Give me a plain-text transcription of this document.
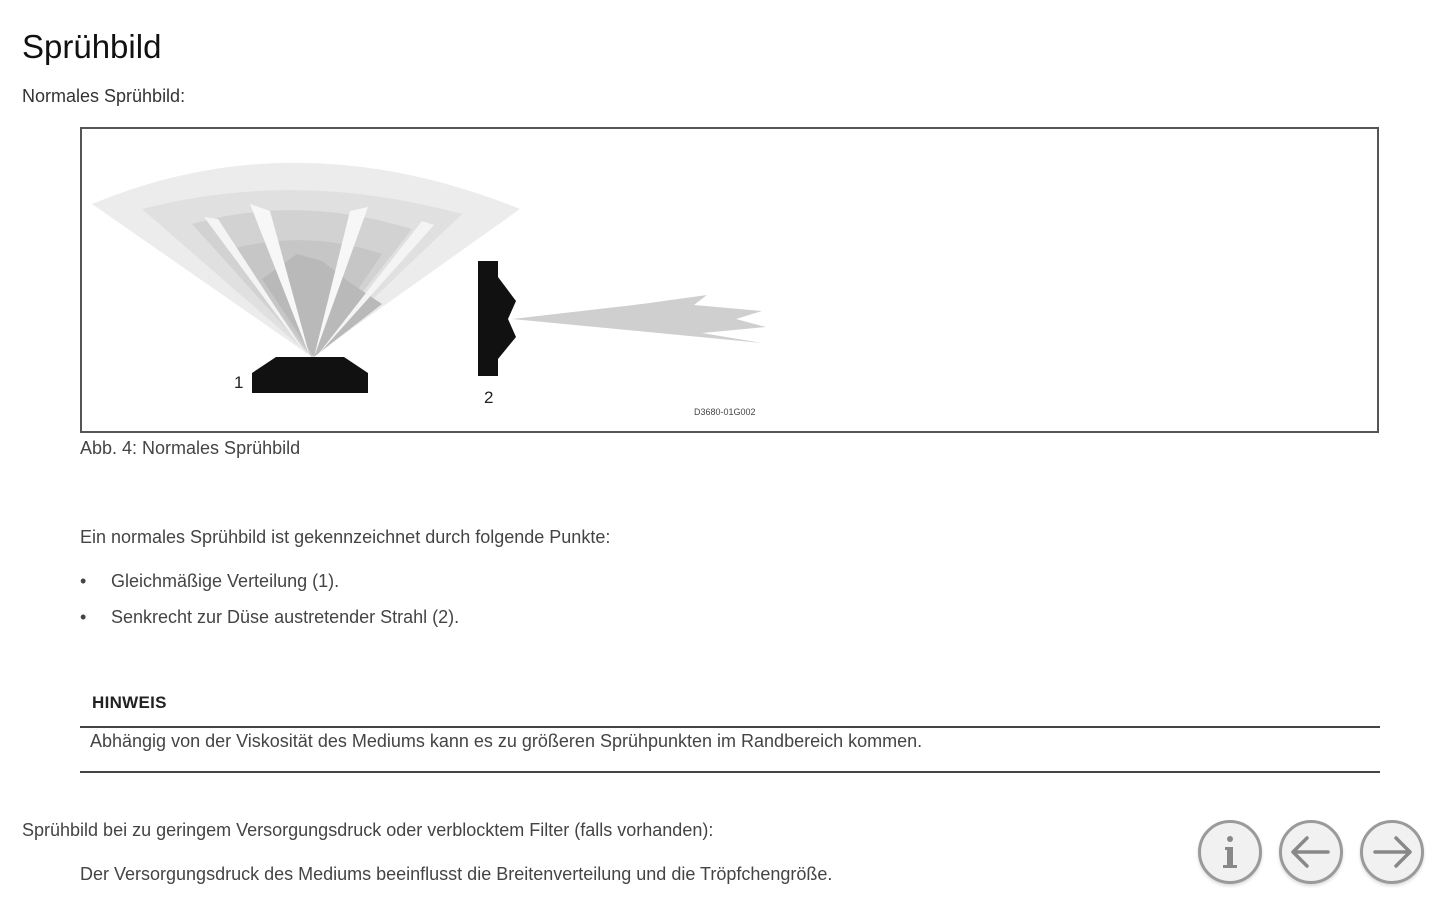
Sprühbild
Normales Sprühbild:
1
2
D3680-01G002
Abb. 4: Normales Sprühbild
Ein normales Sprühbild ist gekennzeichnet durch folgende Punkte:
• Gleichmäßige Verteilung (1).
• Senkrecht zur Düse austretender Strahl (2).
HINWEIS
Abhängig von der Viskosität des Mediums kann es zu größeren Sprühpunkten im Randbereich kommen.
Sprühbild bei zu geringem Versorgungsdruck oder verblocktem Filter (falls vorhanden):
Der Versorgungsdruck des Mediums beeinflusst die Breitenverteilung und die Tröpfchengröße.
